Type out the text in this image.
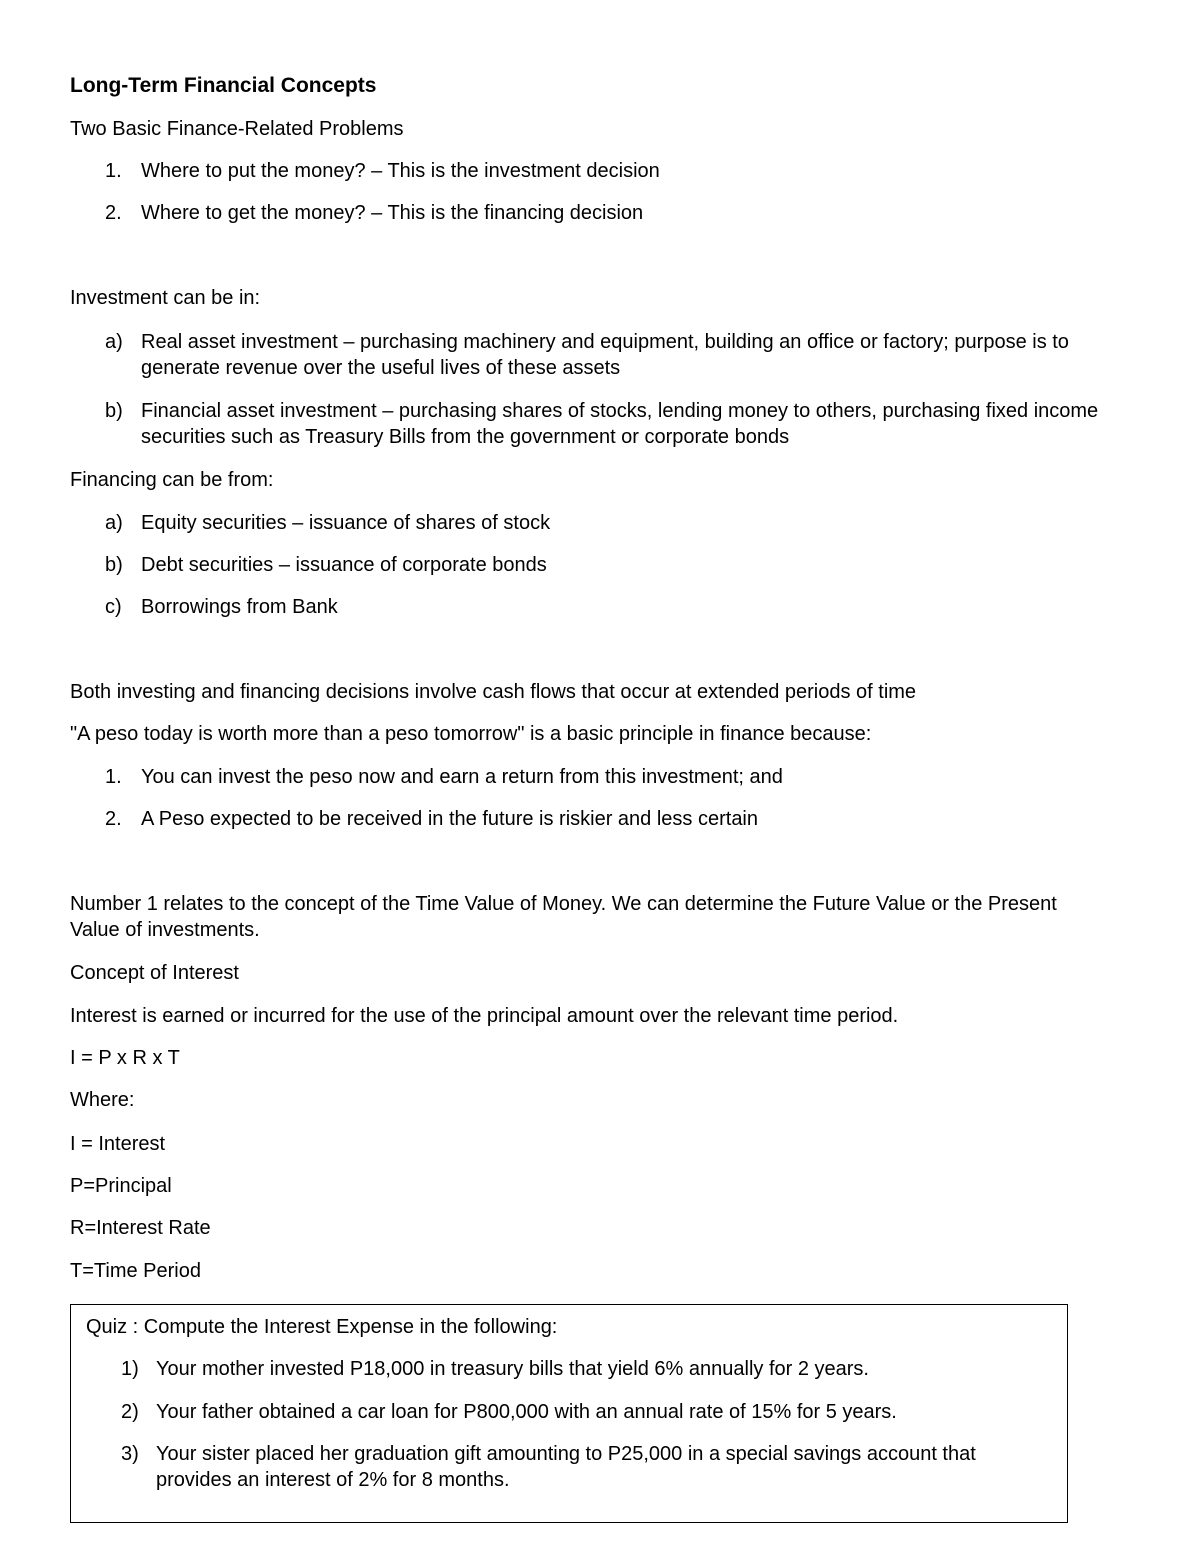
Long-Term Financial Concepts

Two Basic Finance-Related Problems

1. Where to put the money? – This is the investment decision
2. Where to get the money? – This is the financing decision

Investment can be in:

a) Real asset investment – purchasing machinery and equipment, building an office or factory; purpose is to generate revenue over the useful lives of these assets
b) Financial asset investment – purchasing shares of stocks, lending money to others, purchasing fixed income securities such as Treasury Bills from the government or corporate bonds

Financing can be from:

a) Equity securities – issuance of shares of stock
b) Debt securities – issuance of corporate bonds
c) Borrowings from Bank

Both investing and financing decisions involve cash flows that occur at extended periods of time

"A peso today is worth more than a peso tomorrow" is a basic principle in finance because:

1. You can invest the peso now and earn a return from this investment; and
2. A Peso expected to be received in the future is riskier and less certain

Number 1 relates to the concept of the Time Value of Money. We can determine the Future Value or the Present Value of investments.

Concept of Interest

Interest is earned or incurred for the use of the principal amount over the relevant time period.

I = P x R x T

Where:

I = Interest

P=Principal

R=Interest Rate

T=Time Period

Quiz : Compute the Interest Expense in the following:

1) Your mother invested P18,000 in treasury bills that yield 6% annually for 2 years.
2) Your father obtained a car loan for P800,000 with an annual rate of 15% for 5 years.
3) Your sister placed her graduation gift amounting to P25,000 in a special savings account that provides an interest of 2% for 8 months.
